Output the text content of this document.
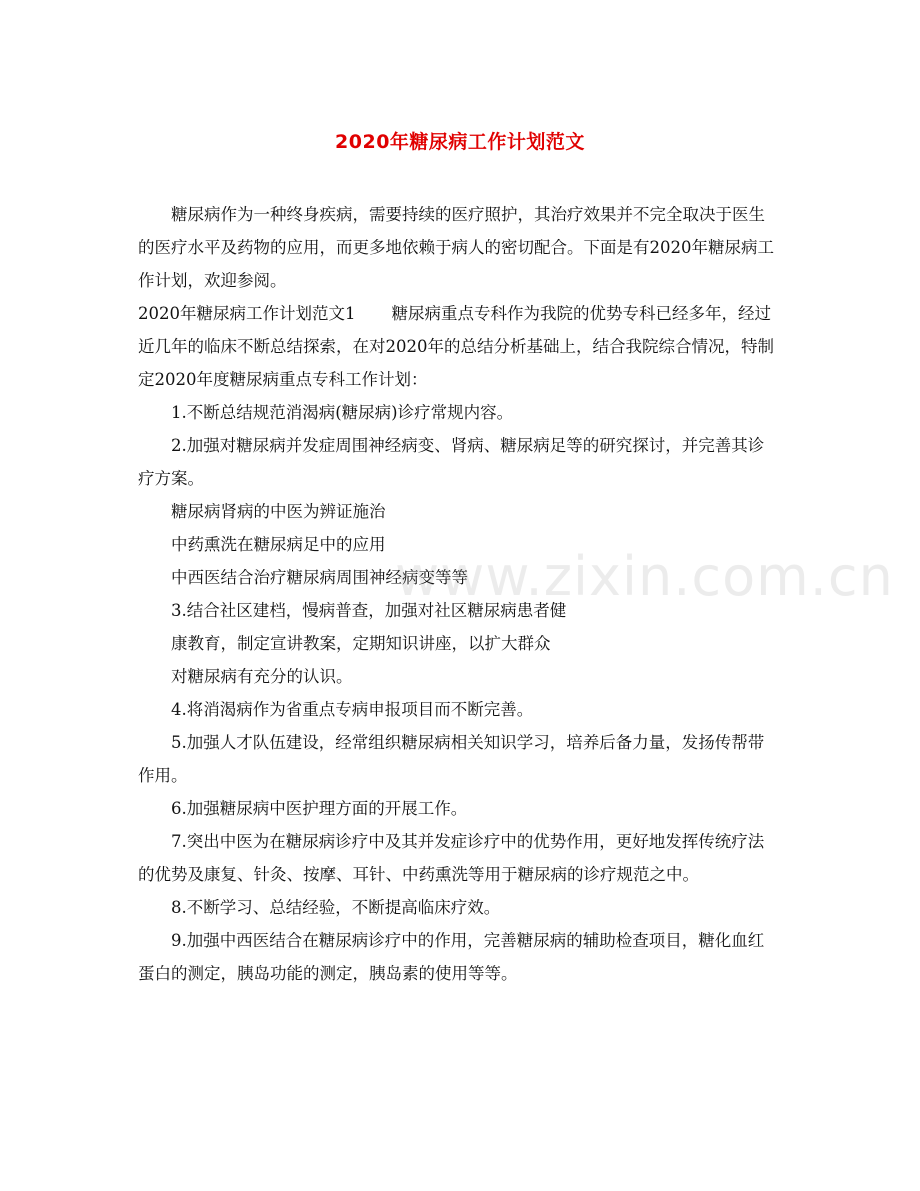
2020年糖尿病工作计划范文

糖尿病作为一种终身疾病，需要持续的医疗照护，其治疗效果并不完全取决于医生的医疗水平及药物的应用，而更多地依赖于病人的密切配合。下面是有2020年糖尿病工作计划，欢迎参阅。

2020年糖尿病工作计划范文1 糖尿病重点专科作为我院的优势专科已经多年，经过近几年的临床不断总结探索，在对2020年的总结分析基础上，结合我院综合情况，特制定2020年度糖尿病重点专科工作计划：

1.不断总结规范消渴病(糖尿病)诊疗常规内容。

2.加强对糖尿病并发症周围神经病变、肾病、糖尿病足等的研究探讨，并完善其诊疗方案。

糖尿病肾病的中医为辨证施治

中药熏洗在糖尿病足中的应用

中西医结合治疗糖尿病周围神经病变等等

3.结合社区建档，慢病普查，加强对社区糖尿病患者健

康教育，制定宣讲教案，定期知识讲座，以扩大群众

对糖尿病有充分的认识。

4.将消渴病作为省重点专病申报项目而不断完善。

5.加强人才队伍建设，经常组织糖尿病相关知识学习，培养后备力量，发扬传帮带作用。

6.加强糖尿病中医护理方面的开展工作。

7.突出中医为在糖尿病诊疗中及其并发症诊疗中的优势作用，更好地发挥传统疗法的优势及康复、针灸、按摩、耳针、中药熏洗等用于糖尿病的诊疗规范之中。

8.不断学习、总结经验，不断提高临床疗效。

9.加强中西医结合在糖尿病诊疗中的作用，完善糖尿病的辅助检查项目，糖化血红蛋白的测定，胰岛功能的测定，胰岛素的使用等等。

www.zixin.com.cn
